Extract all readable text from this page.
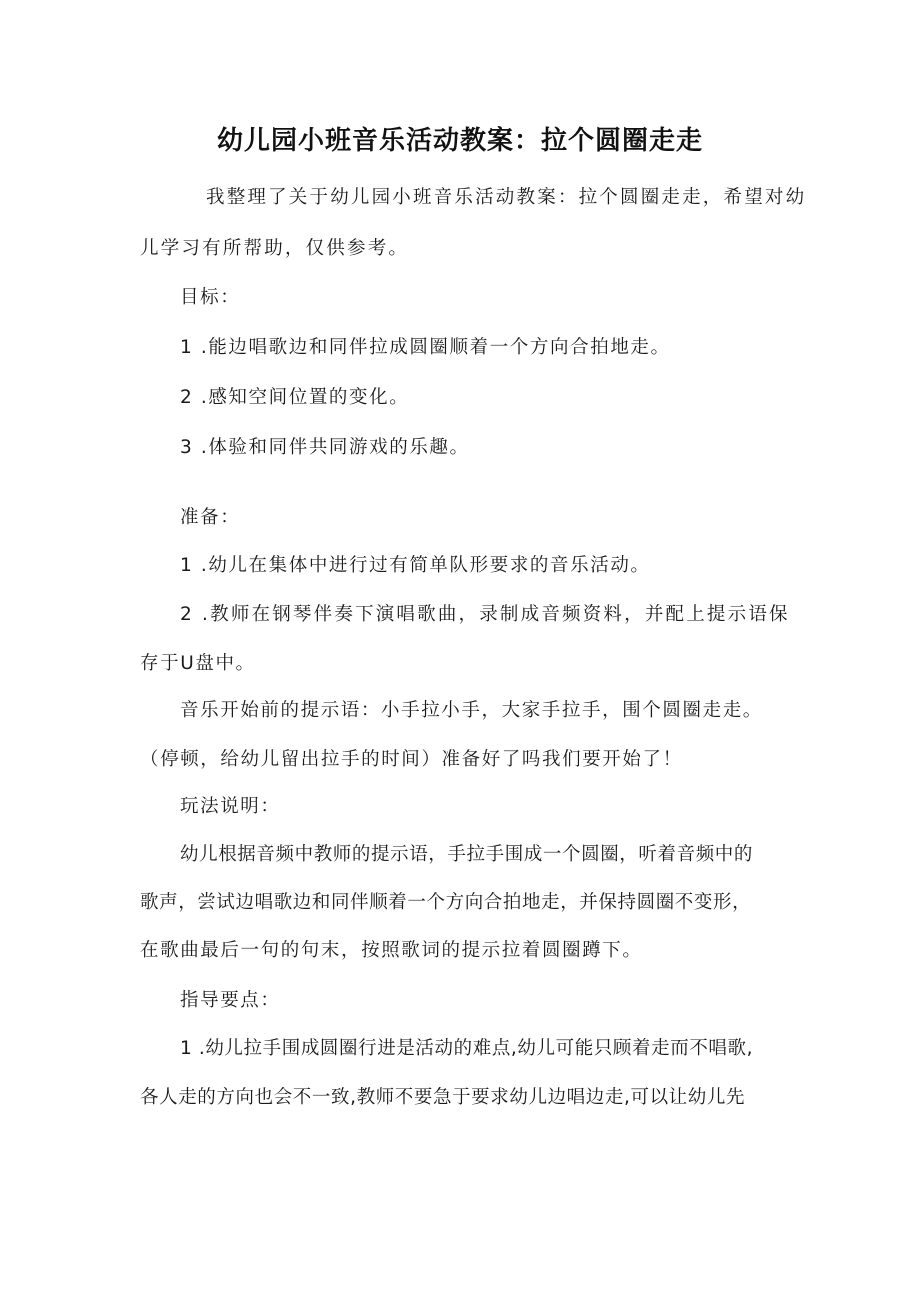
幼儿园小班音乐活动教案：拉个圆圈走走

我整理了关于幼儿园小班音乐活动教案：拉个圆圈走走，希望对幼

儿学习有所帮助，仅供参考。

目标：

1 .能边唱歌边和同伴拉成圆圈顺着一个方向合拍地走。

2 .感知空间位置的变化。

3 .体验和同伴共同游戏的乐趣。

准备：

1 .幼儿在集体中进行过有简单队形要求的音乐活动。

2 .教师在钢琴伴奏下演唱歌曲，录制成音频资料，并配上提示语保

存于U盘中。

音乐开始前的提示语：小手拉小手，大家手拉手，围个圆圈走走。

（停顿，给幼儿留出拉手的时间）准备好了吗我们要开始了！

玩法说明：

幼儿根据音频中教师的提示语，手拉手围成一个圆圈，听着音频中的

歌声，尝试边唱歌边和同伴顺着一个方向合拍地走，并保持圆圈不变形，

在歌曲最后一句的句末，按照歌词的提示拉着圆圈蹲下。

指导要点：

1 .幼儿拉手围成圆圈行进是活动的难点,幼儿可能只顾着走而不唱歌,

各人走的方向也会不一致,教师不要急于要求幼儿边唱边走,可以让幼儿先
